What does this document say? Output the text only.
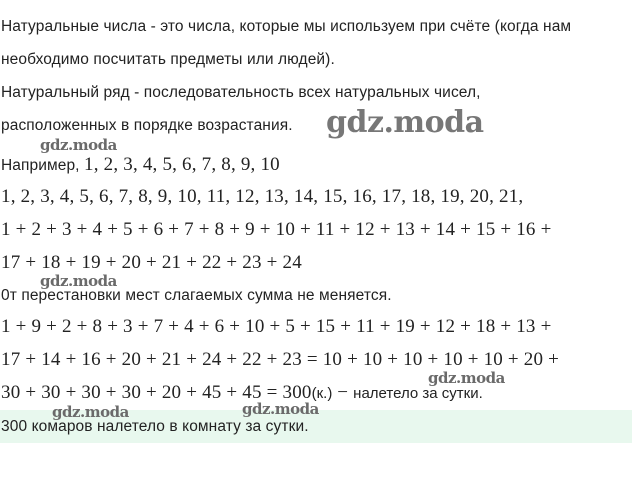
Натуральные числа - это числа, которые мы используем при счёте (когда нам
необходимо посчитать предметы или людей).
Натуральный ряд - последовательность всех натуральных чисел,
расположенных в порядке возрастания.
Например, 1, 2, 3, 4, 5, 6, 7, 8, 9, 10
1, 2, 3, 4, 5, 6, 7, 8, 9, 10, 11, 12, 13, 14, 15, 16, 17, 18, 19, 20, 21,
1 + 2 + 3 + 4 + 5 + 6 + 7 + 8 + 9 + 10 + 11 + 12 + 13 + 14 + 15 + 16 +
17 + 18 + 19 + 20 + 21 + 22 + 23 + 24
0т перестановки мест слагаемых сумма не меняется.
1 + 9 + 2 + 8 + 3 + 7 + 4 + 6 + 10 + 5 + 15 + 11 + 19 + 12 + 18 + 13 +
17 + 14 + 16 + 20 + 21 + 24 + 22 + 23 = 10 + 10 + 10 + 10 + 10 + 20 +
30 + 30 + 30 + 30 + 20 + 45 + 45 = 300(к.) − налетело за сутки.
300 комаров налетело в комнату за сутки.
gdz.moda
gdz.moda
gdz.moda
gdz.moda
gdz.moda	gdz.moda
